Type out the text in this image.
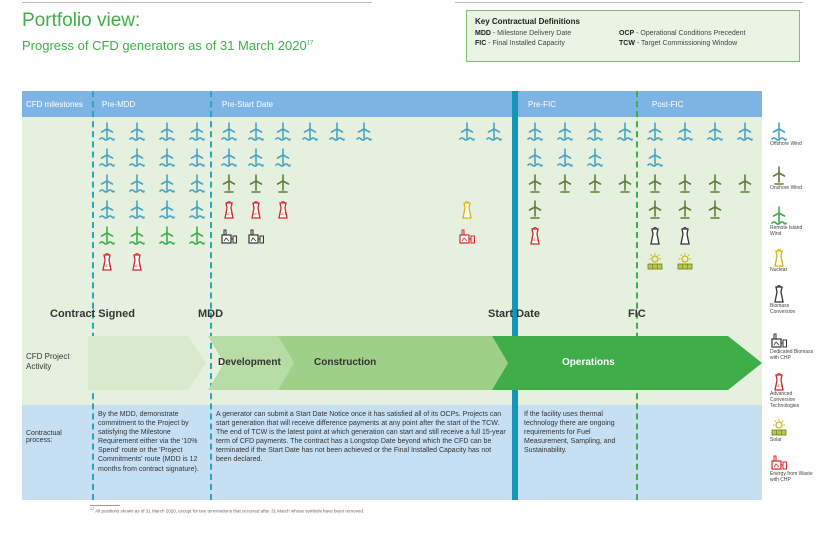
Portfolio view:
Progress of CFD generators as of 31 March 2020$^{17}$
Key Contractual Definitions
MDD - Milestone Delivery Date	OCP - Operational Conditions Precedent
FIC - Final Installed Capacity	TCW - Target Commissioning Window
CFD milestones Pre-MDD	Pre-Start Date	Pre-FIC	Post-FIC
ACT	ACT
ACT	ACT	ACT
ACT
Contract Signed	MDD	Start Date	FIC
CFD Project Activity	Development	Construction	Operations
Contractual process:
By the MDD, demonstrate commitment to the Project by satisfying the Milestone Requirement either via the '10% Spend' route or the 'Project Commitments' route (MDD is 12 months from contract signature).
A generator can submit a Start Date Notice once it has satisfied all of its OCPs. Projects can start generation that will receive difference payments at any point after the start of the TCW. The end of TCW is the latest point at which generation can start and still receive a full 15-year term of CFD payments. The contract has a Longstop Date beyond which the CFD can be terminated if the Start Date has not been achieved or the Final Installed Capacity has not been declared.
If the facility uses thermal technology there are ongoing requirements for Fuel Measurement, Sampling, and Sustainability.
Offshore Wind
Onshore Wind
Remote Island Wind
Nuclear
Biomass Conversion
Dedicated Biomass with CHP
ACT
Advanced Conversion Technologies
Solar
Energy from Waste with CHP
$^{17}$ All positions shown as of 31 March 2020, except for two terminations that occurred after 31 March whose symbols have been removed.
